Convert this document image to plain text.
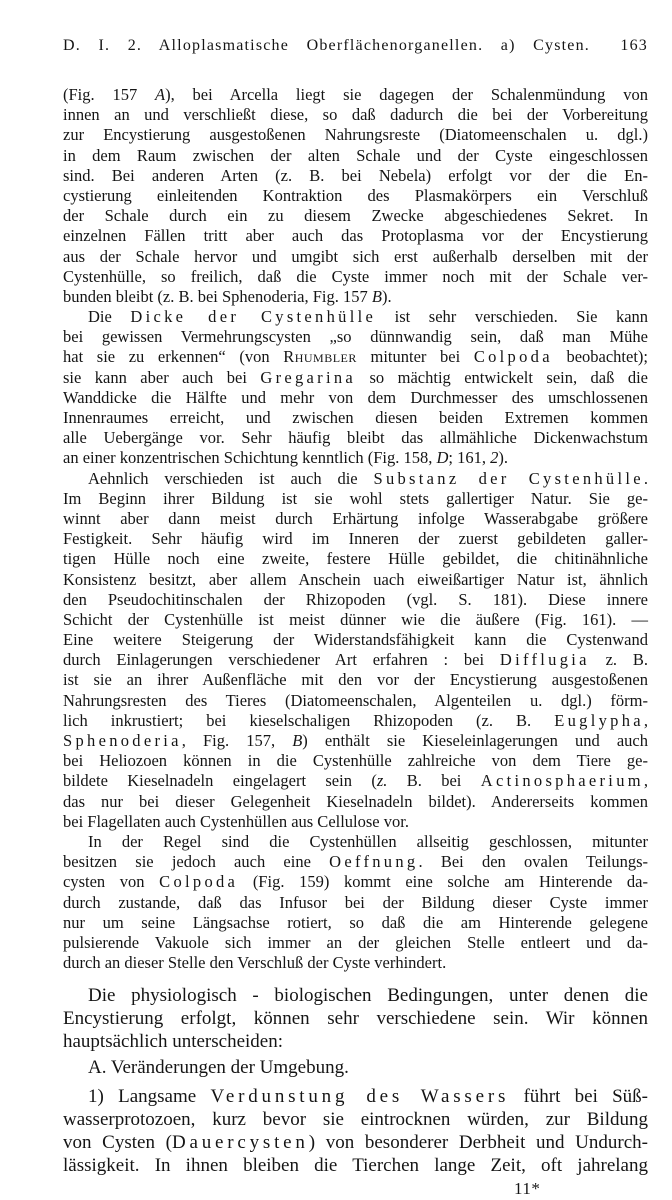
D. I. 2. Alloplasmatische Oberflächenorganellen. a) Cysten. 163
(Fig. 157 A), bei Arcella liegt sie dagegen der Schalenmündung von
innen an und verschließt diese, so daß dadurch die bei der Vorbereitung
zur Encystierung ausgestoßenen Nahrungsreste (Diatomeenschalen u. dgl.)
in dem Raum zwischen der alten Schale und der Cyste eingeschlossen
sind. Bei anderen Arten (z. B. bei Nebela) erfolgt vor der die En-
cystierung einleitenden Kontraktion des Plasmakörpers ein Verschluß
der Schale durch ein zu diesem Zwecke abgeschiedenes Sekret. In
einzelnen Fällen tritt aber auch das Protoplasma vor der Encystierung
aus der Schale hervor und umgibt sich erst außerhalb derselben mit der
Cystenhülle, so freilich, daß die Cyste immer noch mit der Schale ver-
bunden bleibt (z. B. bei Sphenoderia, Fig. 157 B).
Die Dicke der Cystenhülle ist sehr verschieden. Sie kann
bei gewissen Vermehrungscysten „so dünnwandig sein, daß man Mühe
hat sie zu erkennen“ (von Rhumbler mitunter bei Colpoda beobachtet);
sie kann aber auch bei Gregarina so mächtig entwickelt sein, daß die
Wanddicke die Hälfte und mehr von dem Durchmesser des umschlossenen
Innenraumes erreicht, und zwischen diesen beiden Extremen kommen
alle Uebergänge vor. Sehr häufig bleibt das allmähliche Dickenwachstum
an einer konzentrischen Schichtung kenntlich (Fig. 158, D; 161, 2).
Aehnlich verschieden ist auch die Substanz der Cystenhülle.
Im Beginn ihrer Bildung ist sie wohl stets gallertiger Natur. Sie ge-
winnt aber dann meist durch Erhärtung infolge Wasserabgabe größere
Festigkeit. Sehr häufig wird im Inneren der zuerst gebildeten galler-
tigen Hülle noch eine zweite, festere Hülle gebildet, die chitinähnliche
Konsistenz besitzt, aber allem Anschein uach eiweißartiger Natur ist, ähnlich
den Pseudochitinschalen der Rhizopoden (vgl. S. 181). Diese innere
Schicht der Cystenhülle ist meist dünner wie die äußere (Fig. 161). —
Eine weitere Steigerung der Widerstandsfähigkeit kann die Cystenwand
durch Einlagerungen verschiedener Art erfahren : bei Difflugia z. B.
ist sie an ihrer Außenfläche mit den vor der Encystierung ausgestoßenen
Nahrungsresten des Tieres (Diatomeenschalen, Algenteilen u. dgl.) förm-
lich inkrustiert; bei kieselschaligen Rhizopoden (z. B. Euglypha,
Sphenoderia, Fig. 157, B) enthält sie Kieseleinlagerungen und auch
bei Heliozoen können in die Cystenhülle zahlreiche von dem Tiere ge-
bildete Kieselnadeln eingelagert sein (z. B. bei Actinosphaerium,
das nur bei dieser Gelegenheit Kieselnadeln bildet). Andererseits kommen
bei Flagellaten auch Cystenhüllen aus Cellulose vor.
In der Regel sind die Cystenhüllen allseitig geschlossen, mitunter
besitzen sie jedoch auch eine Oeffnung. Bei den ovalen Teilungs-
cysten von Colpoda (Fig. 159) kommt eine solche am Hinterende da-
durch zustande, daß das Infusor bei der Bildung dieser Cyste immer
nur um seine Längsachse rotiert, so daß die am Hinterende gelegene
pulsierende Vakuole sich immer an der gleichen Stelle entleert und da-
durch an dieser Stelle den Verschluß der Cyste verhindert.
Die physiologisch - biologischen Bedingungen, unter denen die
Encystierung erfolgt, können sehr verschiedene sein. Wir können
hauptsächlich unterscheiden:
A. Veränderungen der Umgebung.
1) Langsame Verdunstung des Wassers führt bei Süß-
wasserprotozoen, kurz bevor sie eintrocknen würden, zur Bildung
von Cysten (Dauercysten) von besonderer Derbheit und Undurch-
lässigkeit. In ihnen bleiben die Tierchen lange Zeit, oft jahrelang
11*
